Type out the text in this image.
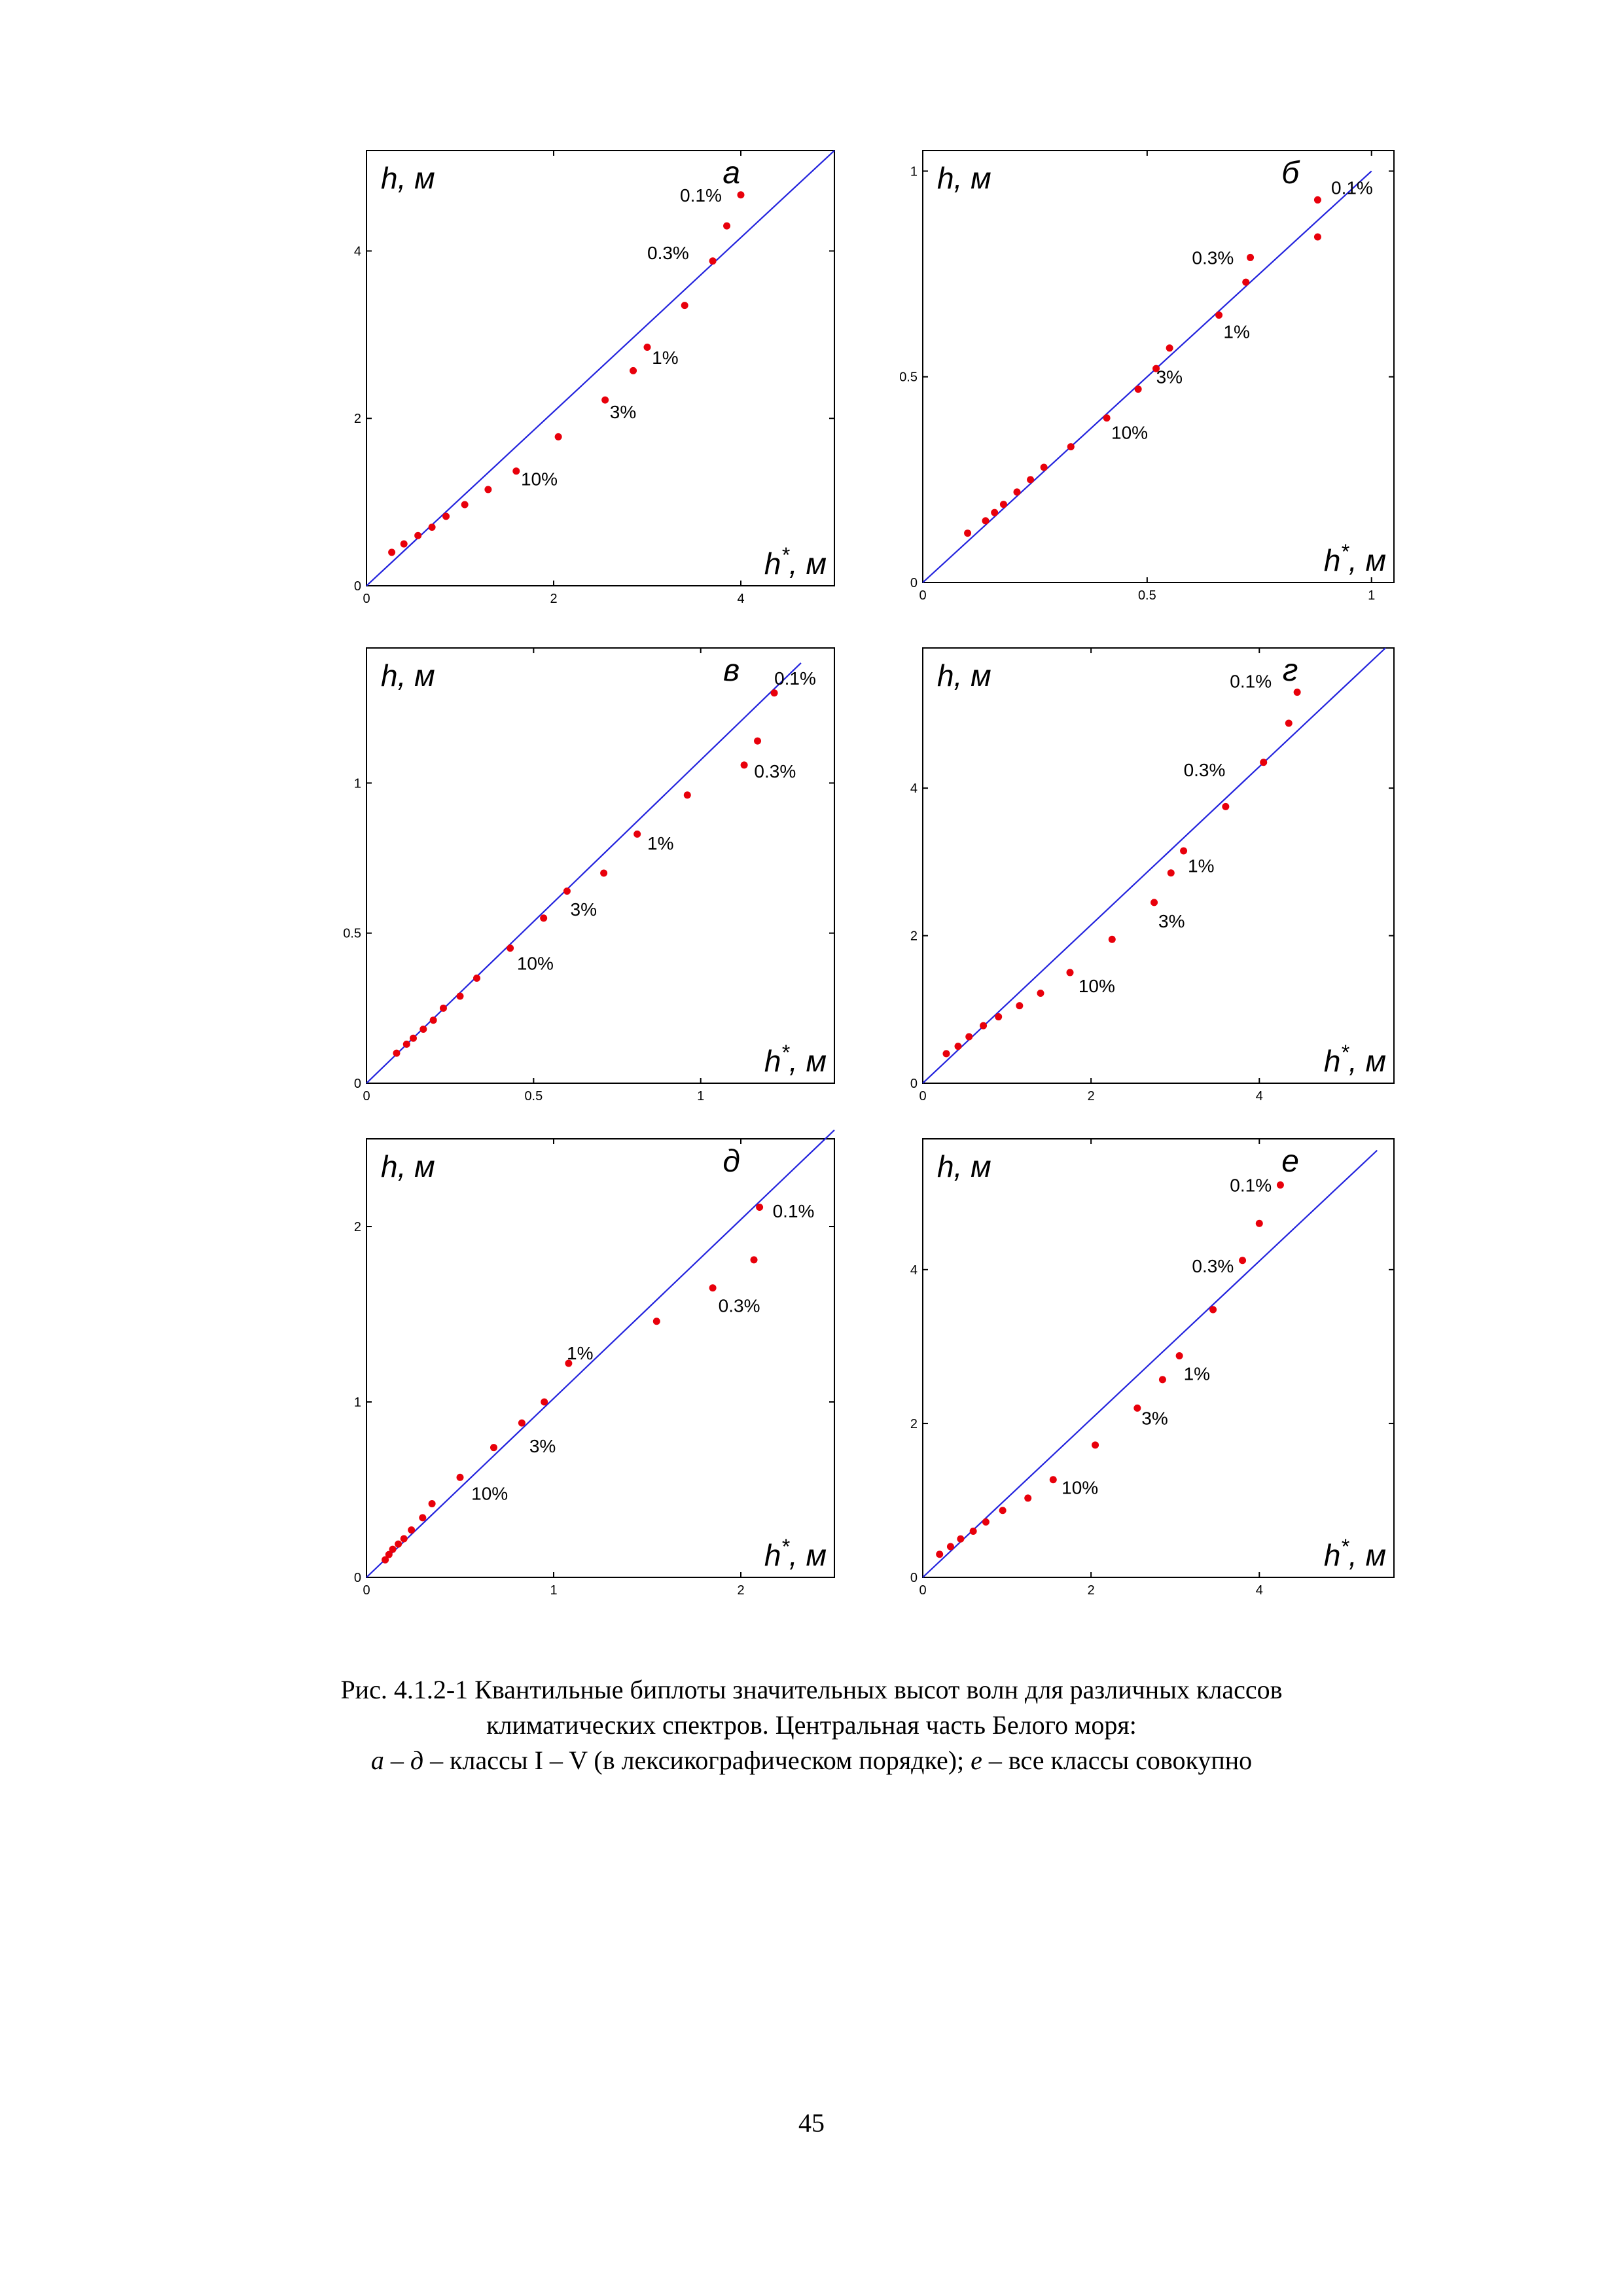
0	2	4
0
2
4
10%
3%
1%
0.3%
0.1%
h, м
h*, м
а
0	0.5	1
0
0.5
1
10%
3%
1%
0.3%
0.1%
h, м
h*, м
б
0	0.5	1
0
0.5
1
10%
3%
1%
0.3%
0.1%
h, м
h*, м
в
0	2	4
0
2
4
10%
3%
1%
0.3%
0.1%
h, м
h*, м
г
0	1	2
0
1
2
10%
3%
1%
0.3%
0.1%
h, м
h*, м
д
0	2	4
0
2
4
10%
3%
1%
0.3%
0.1%
h, м
h*, м
е
Рис. 4.1.2-1 Квантильные биплоты значительных высот волн для различных классов
климатических спектров. Центральная часть Белого моря:
а – д – классы I – V (в лексикографическом порядке); е – все классы совокупно
45
